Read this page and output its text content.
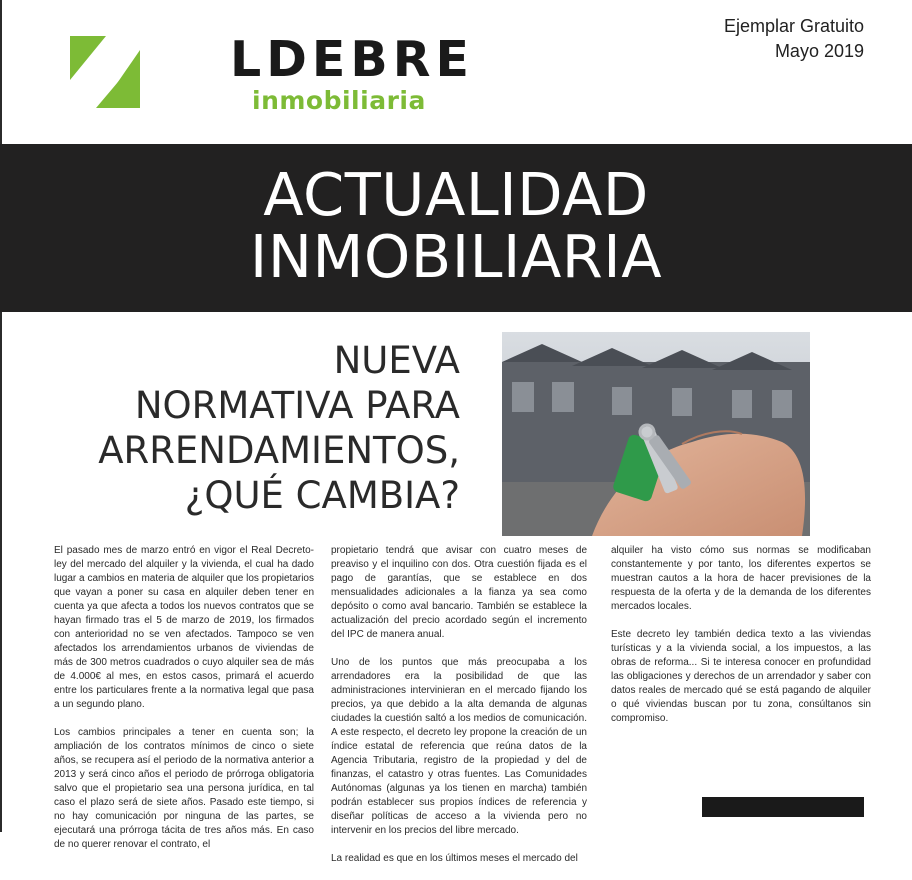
LDEBRE
inmobiliaria
Ejemplar Gratuito
Mayo 2019
ACTUALIDAD
INMOBILIARIA
NUEVA
NORMATIVA PARA
ARRENDAMIENTOS,
¿QUÉ CAMBIA?

El pasado mes de marzo entró en vigor el Real Decreto-ley del mercado del alquiler y la vivienda, el cual ha dado lugar a cambios en materia de alquiler que los propietarios que vayan a poner su casa en alquiler deben tener en cuenta ya que afecta a todos los nuevos contratos que se hayan firmado tras el 5 de marzo de 2019, los firmados con anterioridad no se ven afectados. Tampoco se ven afectados los arrendamientos urbanos de viviendas de más de 300 metros cuadrados o cuyo alquiler sea de más de 4.000€ al mes, en estos casos, primará el acuerdo entre los particulares frente a la normativa legal que pasa a un segundo plano.

Los cambios principales a tener en cuenta son; la ampliación de los contratos mínimos de cinco o siete años, se recupera así el periodo de la normativa anterior a 2013 y será cinco años el periodo de prórroga obligatoria salvo que el propietario sea una persona jurídica, en tal caso el plazo será de siete años. Pasado este tiempo, si no hay comunicación por ninguna de las partes, se ejecutará una prórroga tácita de tres años más. En caso de no querer renovar el contrato, el

propietario tendrá que avisar con cuatro meses de preaviso y el inquilino con dos. Otra cuestión fijada es el pago de garantías, que se establece en dos mensualidades adicionales a la fianza ya sea como depósito o como aval bancario. También se establece la actualización del precio acordado según el incremento del IPC de manera anual.

Uno de los puntos que más preocupaba a los arrendadores era la posibilidad de que las administraciones intervinieran en el mercado fijando los precios, ya que debido a la alta demanda de algunas ciudades la cuestión saltó a los medios de comunicación. A este respecto, el decreto ley propone la creación de un índice estatal de referencia que reúna datos de la Agencia Tributaria, registro de la propiedad y del de finanzas, el catastro y otras fuentes. Las Comunidades Autónomas (algunas ya los tienen en marcha) también podrán establecer sus propios índices de referencia y diseñar políticas de acceso a la vivienda pero no intervenir en los precios del libre mercado.

La realidad es que en los últimos meses el mercado del

alquiler ha visto cómo sus normas se modificaban constantemente y por tanto, los diferentes expertos se muestran cautos a la hora de hacer previsiones de la respuesta de la oferta y de la demanda de los diferentes mercados locales.

Este decreto ley también dedica texto a las viviendas turísticas y a la vivienda social, a los impuestos, a las obras de reforma... Si te interesa conocer en profundidad las obligaciones y derechos de un arrendador y saber con datos reales de mercado qué se está pagando de alquiler o qué viviendas buscan por tu zona, consúltanos sin compromiso.
